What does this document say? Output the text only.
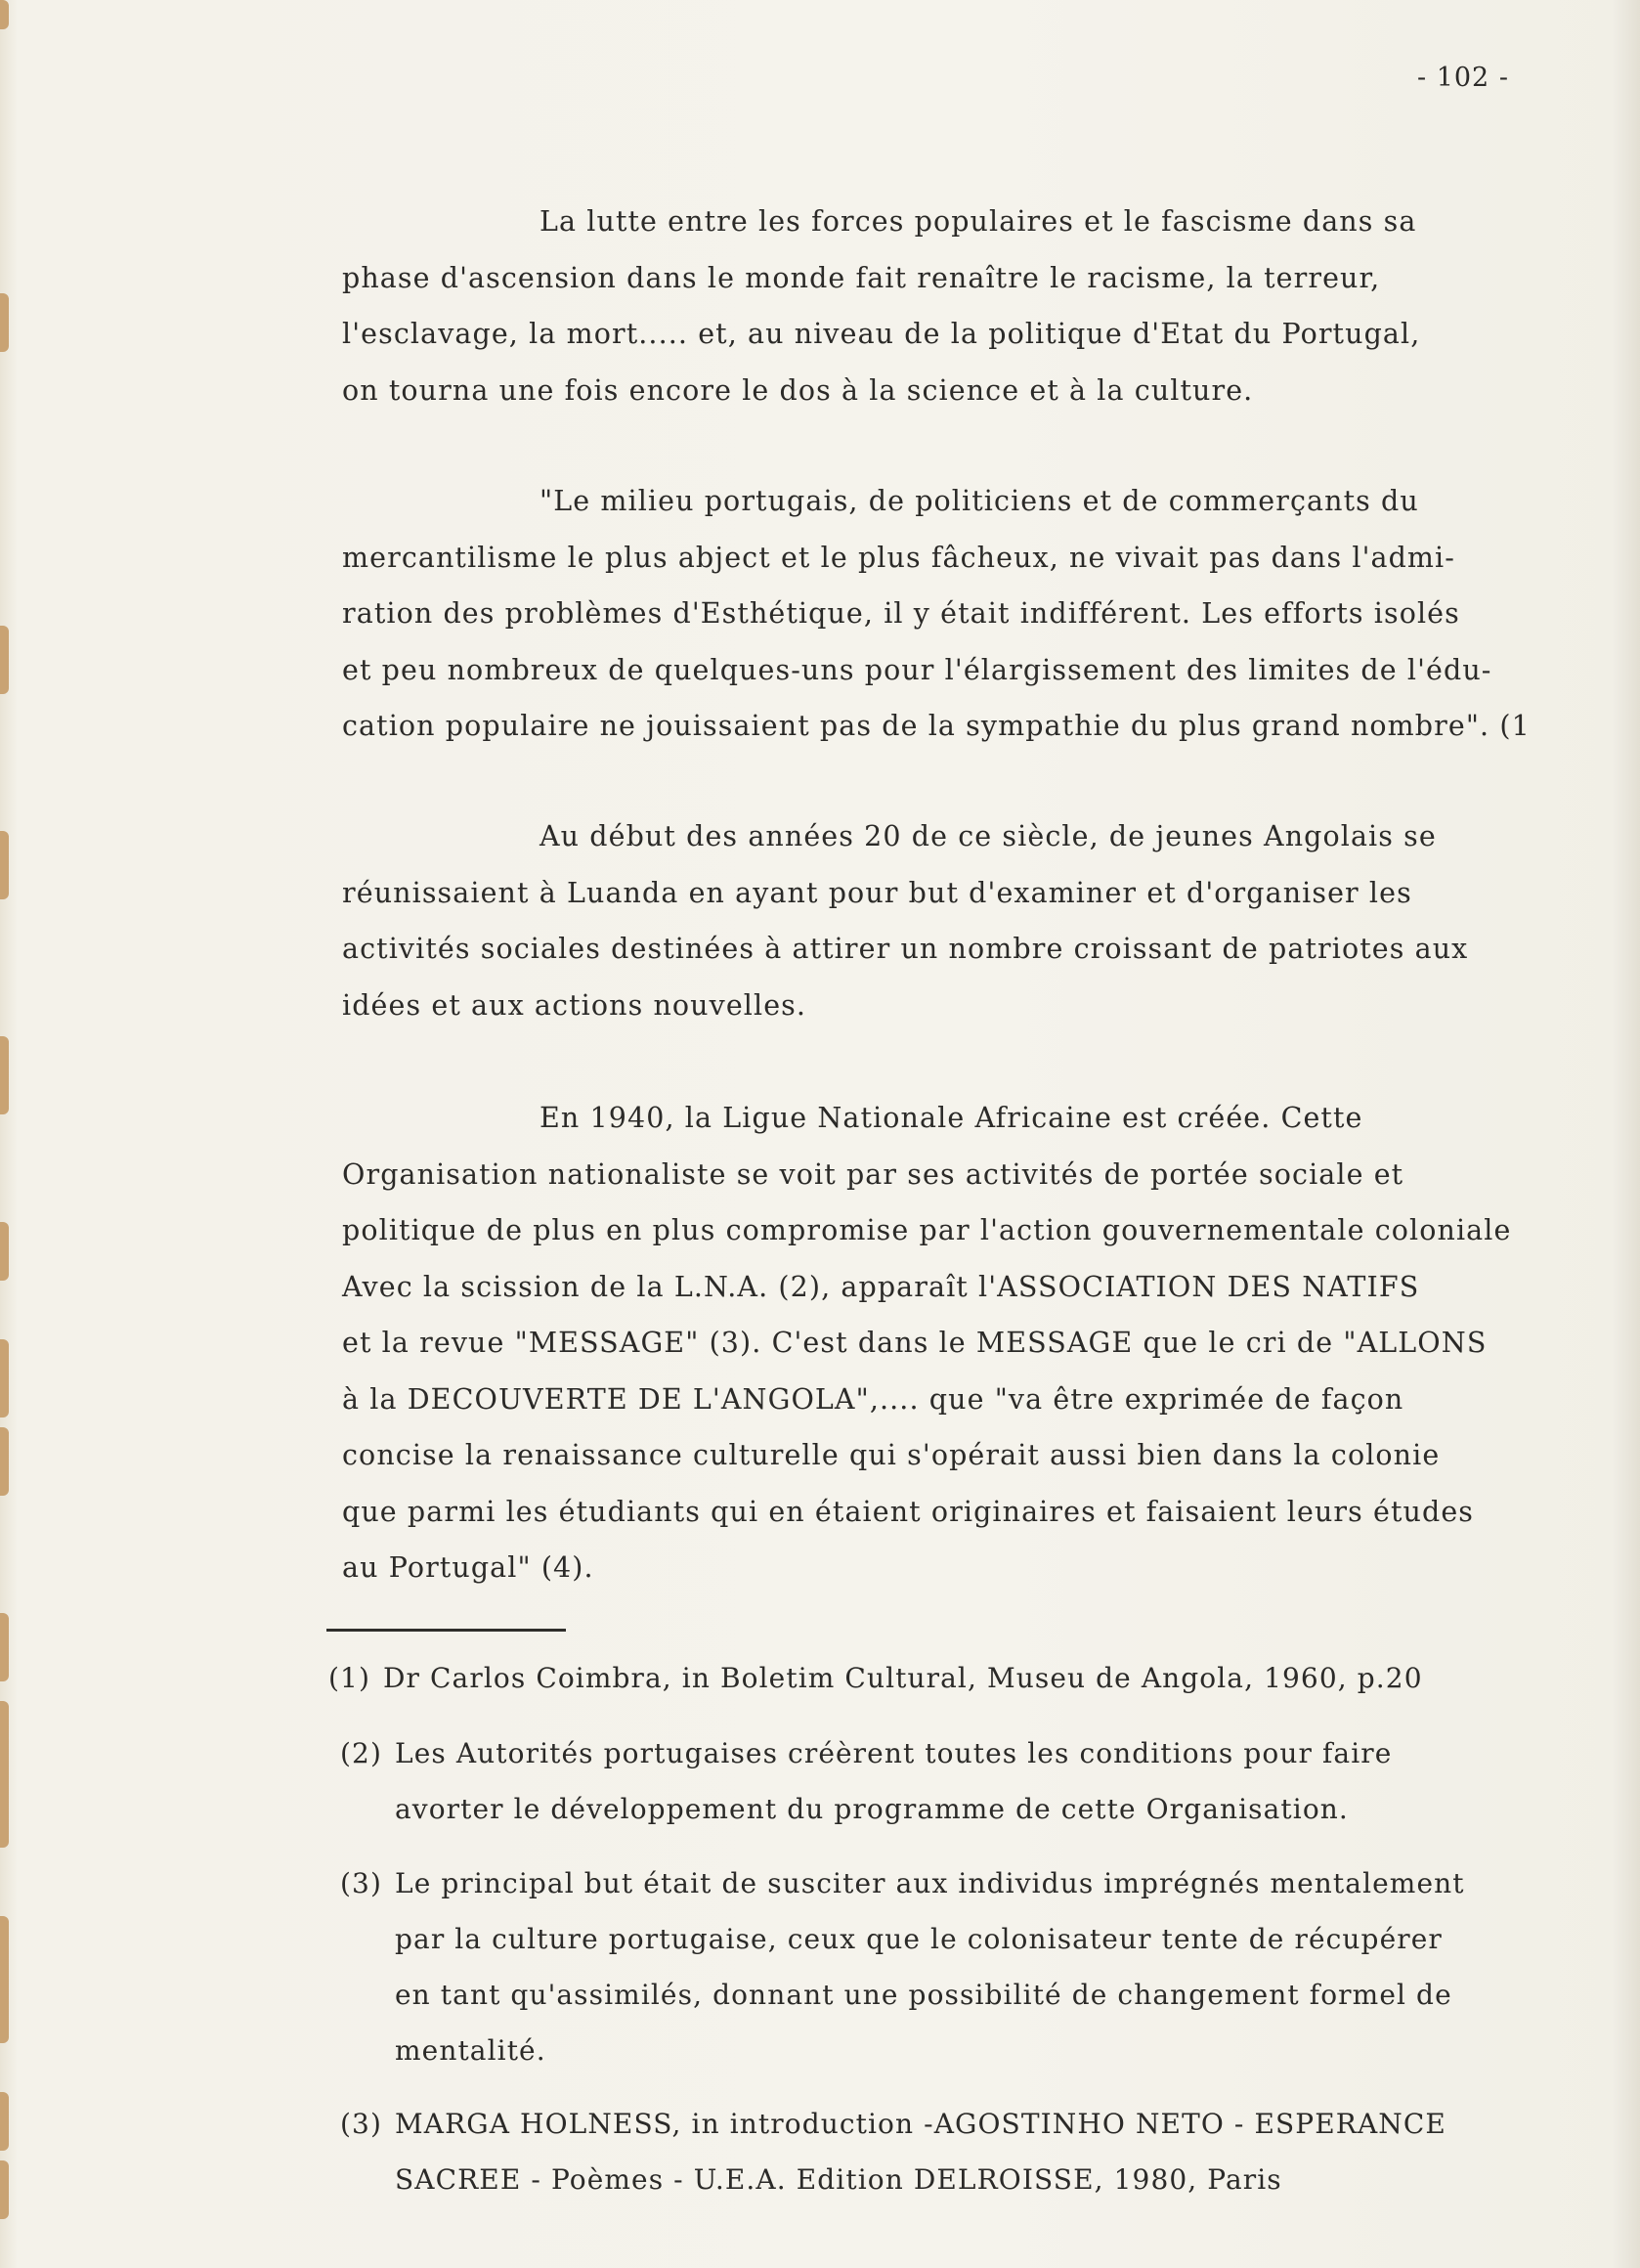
- 102 -
La lutte entre les forces populaires et le fascisme dans sa
phase d'ascension dans le monde fait renaître le racisme, la terreur,
l'esclavage, la mort..... et, au niveau de la politique d'Etat du Portugal,
on tourna une fois encore le dos à la science et à la culture.
"Le milieu portugais, de politiciens et de commerçants du
mercantilisme le plus abject et le plus fâcheux, ne vivait pas dans l'admi-
ration des problèmes d'Esthétique, il y était indifférent. Les efforts isolés
et peu nombreux de quelques-uns pour l'élargissement des limites de l'édu-
cation populaire ne jouissaient pas de la sympathie du plus grand nombre". (1
Au début des années 20 de ce siècle, de jeunes Angolais se
réunissaient à Luanda en ayant pour but d'examiner et d'organiser les
activités sociales destinées à attirer un nombre croissant de patriotes aux
idées et aux actions nouvelles.
En 1940, la Ligue Nationale Africaine est créée. Cette
Organisation nationaliste se voit par ses activités de portée sociale et
politique de plus en plus compromise par l'action gouvernementale coloniale
Avec la scission de la L.N.A. (2), apparaît l'ASSOCIATION DES NATIFS
et la revue "MESSAGE" (3). C'est dans le MESSAGE que le cri de "ALLONS
à la DECOUVERTE DE L'ANGOLA",.... que "va être exprimée de façon
concise la renaissance culturelle qui s'opérait aussi bien dans la colonie
que parmi les étudiants qui en étaient originaires et faisaient leurs études
au Portugal" (4).
(1) Dr Carlos Coimbra, in Boletim Cultural, Museu de Angola, 1960, p.20
(2) Les Autorités portugaises créèrent toutes les conditions pour faire
avorter le développement du programme de cette Organisation.
(3) Le principal but était de susciter aux individus imprégnés mentalement
par la culture portugaise, ceux que le colonisateur tente de récupérer
en tant qu'assimilés, donnant une possibilité de changement formel de
mentalité.
(3) MARGA HOLNESS, in introduction -AGOSTINHO NETO - ESPERANCE
SACREE - Poèmes - U.E.A. Edition DELROISSE, 1980, Paris
